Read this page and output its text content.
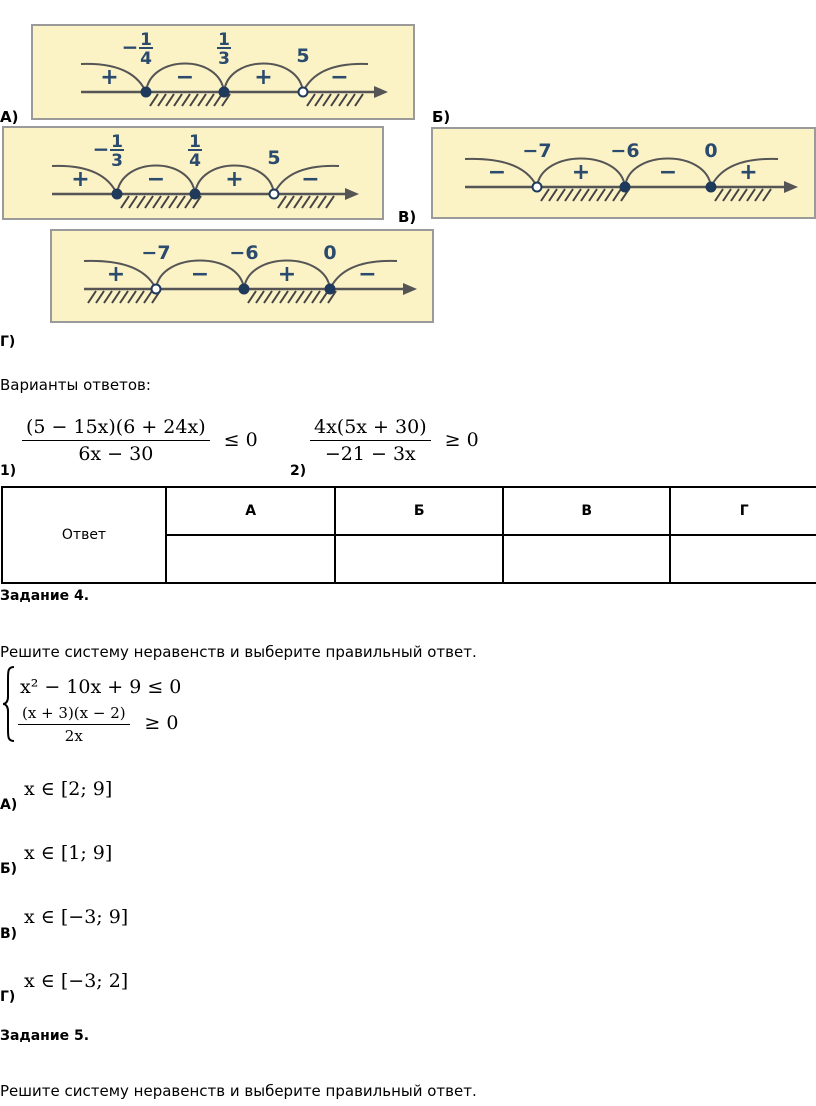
+	−	+	−
− 1
4
1
3	5
+	−	+	−
− 1
3
1
4	5
−	+	−	+
−7	−6	0
+	−	+	−
−7	−6	0
А)	Б)
В)
Г)
Варианты ответов:
$\frac{(5 - 15x)(6 + 24x)}{6x - 30} \le 0$
1)
$\frac{4x(5x + 30)}{-21 - 3x} \ge 0$
2)
Ответ	А	Б	В	Г

Задание 4.
Решите систему неравенств и выберите правильный ответ.
x² − 10x + 9 ≤ 0
$\frac{(x + 3)(x - 2)}{2x} \ge 0$
x ∈ [2; 9]
А)
x ∈ [1; 9]
Б)
x ∈ [−3; 9]
В)
x ∈ [−3; 2]
Г)
Задание 5.
Решите систему неравенств и выберите правильный ответ.
